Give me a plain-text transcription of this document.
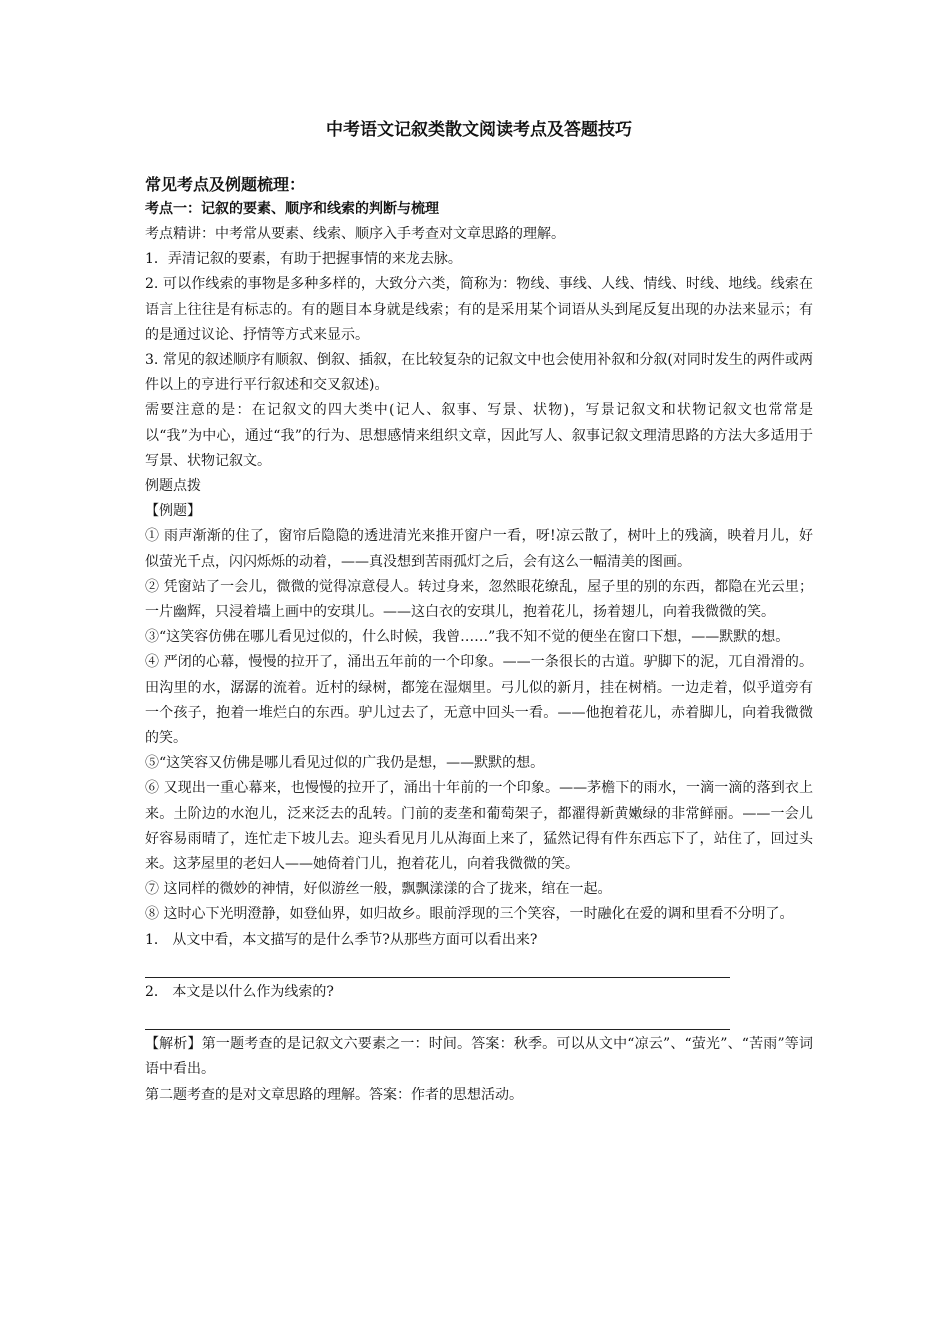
中考语文记叙类散文阅读考点及答题技巧
常见考点及例题梳理：
考点一：记叙的要素、顺序和线索的判断与梳理

考点精讲：中考常从要素、线索、顺序入手考查对文章思路的理解。

1．弄清记叙的要素，有助于把握事情的来龙去脉。

2. 可以作线索的事物是多种多样的，大致分六类，简称为：物线、事线、人线、情线、时线、地线。线索在语言上往往是有标志的。有的题目本身就是线索；有的是采用某个词语从头到尾反复出现的办法来显示；有的是通过议论、抒情等方式来显示。

3. 常见的叙述顺序有顺叙、倒叙、插叙，在比较复杂的记叙文中也会使用补叙和分叙(对同时发生的两件或两件以上的亨进行平行叙述和交叉叙述)。

需要注意的是：在记叙文的四大类中(记人、叙事、写景、状物)，写景记叙文和状物记叙文也常常是以“我”为中心，通过“我”的行为、思想感情来组织文章，因此写人、叙事记叙文理清思路的方法大多适用于写景、状物记叙文。

例题点拨

【例题】

① 雨声渐渐的住了，窗帘后隐隐的透进清光来推开窗户一看，呀!凉云散了，树叶上的残滴，映着月儿，好似萤光千点，闪闪烁烁的动着，——真没想到苦雨孤灯之后，会有这么一幅清美的图画。

② 凭窗站了一会儿，微微的觉得凉意侵人。转过身来，忽然眼花缭乱，屋子里的别的东西，都隐在光云里；一片幽辉，只浸着墙上画中的安琪儿。——这白衣的安琪儿，抱着花儿，扬着翅儿，向着我微微的笑。

③“这笑容仿佛在哪儿看见过似的，什么时候，我曾……”我不知不觉的便坐在窗口下想，——默默的想。

④ 严闭的心幕，慢慢的拉开了，涌出五年前的一个印象。——一条很长的古道。驴脚下的泥，兀自滑滑的。田沟里的水，潺潺的流着。近村的绿树，都笼在湿烟里。弓儿似的新月，挂在树梢。一边走着，似乎道旁有一个孩子，抱着一堆烂白的东西。驴儿过去了，无意中回头一看。——他抱着花儿，赤着脚儿，向着我微微的笑。

⑤“这笑容又仿佛是哪儿看见过似的广我仍是想，——默默的想。

⑥ 又现出一重心幕来，也慢慢的拉开了，涌出十年前的一个印象。——茅檐下的雨水，一滴一滴的落到衣上来。土阶边的水泡儿，泛来泛去的乱转。门前的麦垄和葡萄架子，都濯得新黄嫩绿的非常鲜丽。——一会儿好容易雨晴了，连忙走下坡儿去。迎头看见月儿从海面上来了，猛然记得有件东西忘下了，站住了，回过头来。这茅屋里的老妇人——她倚着门儿，抱着花儿，向着我微微的笑。

⑦ 这同样的微妙的神情，好似游丝一般，飘飘漾漾的合了拢来，绾在一起。

⑧ 这时心下光明澄静，如登仙界，如归故乡。眼前浮现的三个笑容，一时融化在爱的调和里看不分明了。

1． 从文中看，本文描写的是什么季节?从那些方面可以看出来?

2． 本文是以什么作为线索的?

【解析】第一题考查的是记叙文六要素之一：时间。答案：秋季。可以从文中“凉云”、“萤光”、“苦雨”等词语中看出。

第二题考查的是对文章思路的理解。答案：作者的思想活动。
